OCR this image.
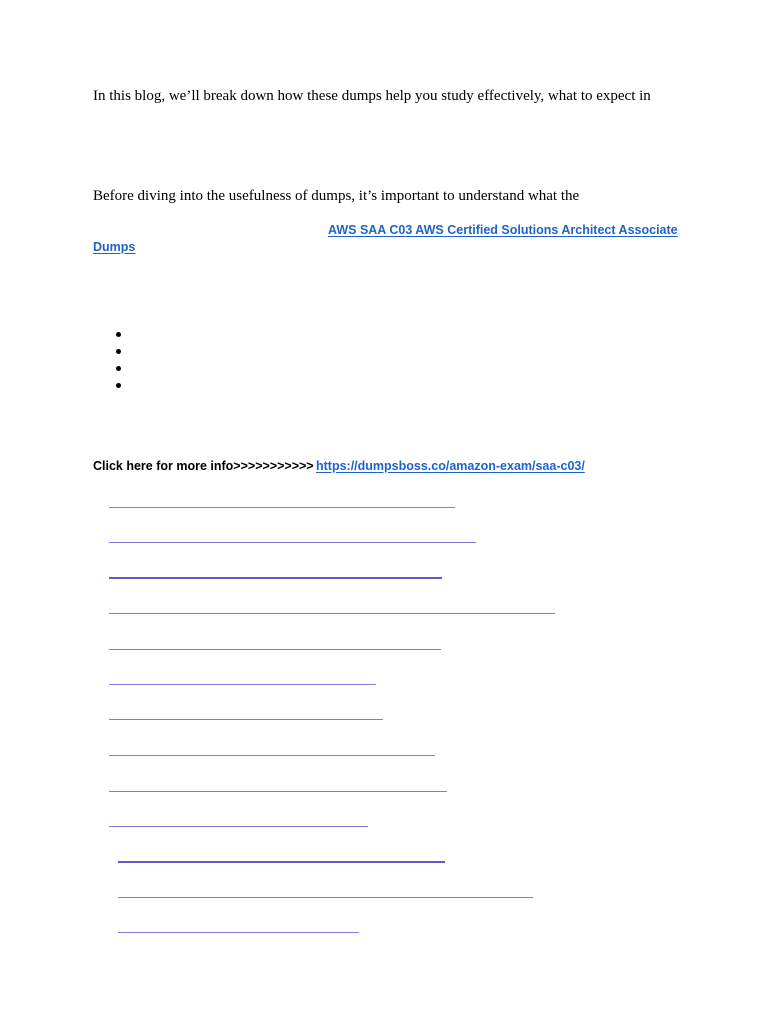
In this blog, we’ll break down how these dumps help you study effectively, what to expect in
Before diving into the usefulness of dumps, it’s important to understand what the
AWS SAA C03 AWS Certified Solutions Architect Associate
Dumps
Click here for more info>>>>>>>>>>> https://dumpsboss.co/amazon-exam/saa-c03/
